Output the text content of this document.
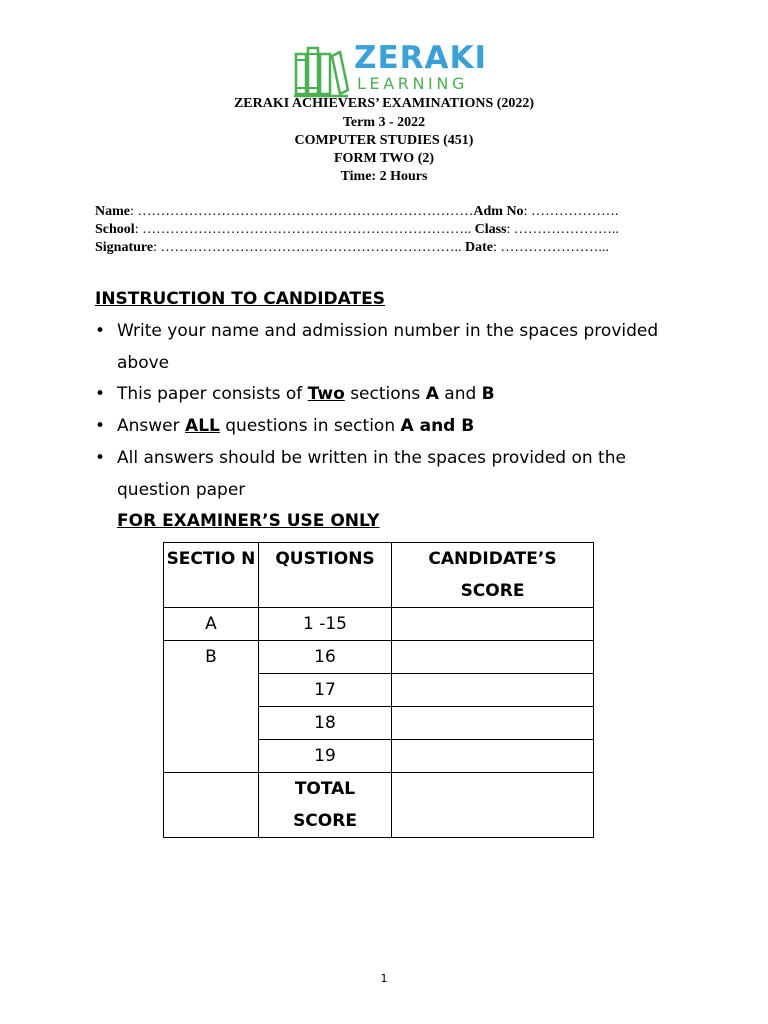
ZERAKI
LEARNING
ZERAKI ACHIEVERS’ EXAMINATIONS (2022)
Term 3 - 2022
COMPUTER STUDIES (451)
FORM TWO (2)
Time: 2 Hours
Name: ………………………………………………………………Adm No: ……………….
School: …………………………………………………………….. Class: …………………..
Signature: ……………………………………………………….. Date: …………………...
INSTRUCTION TO CANDIDATES
• Write your name and admission number in the spaces provided above
• This paper consists of Two sections A and B
• Answer ALL questions in section A and B
• All answers should be written in the spaces provided on the question paper
FOR EXAMINER’S USE ONLY
SECTIO N	QUSTIONS	CANDIDATE’S SCORE
A	1 -15	
B	16	
	17	
	18	
	19	
	TOTAL SCORE	
1
